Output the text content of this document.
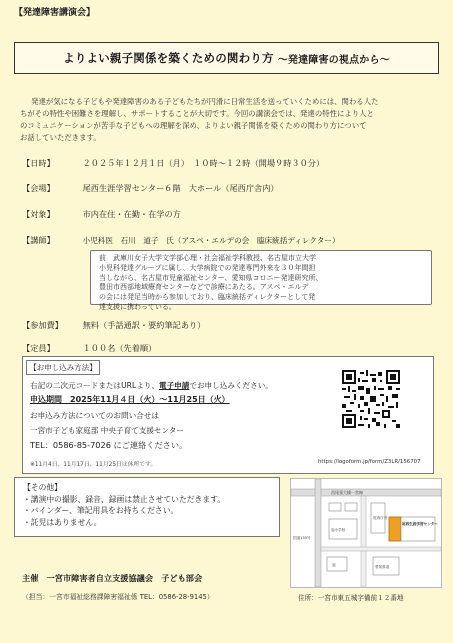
【発達障害講演会】
よりよい親子関係を築くための関わり方 ～発達障害の視点から～
発達が気になる子どもや発達障害のある子どもたちが円滑に日常生活を送っていくためには、関わる人た
ちがその特性や困難さを理解し、サポートすることが大切です。今回の講演会では、発達の特性により人と
のコミュニケーションが苦手な子どもへの理解を深め、よりよい親子関係を築くための関わり方について
お話していただきます。
【日時】	２０２５年１２月１日（月）　１０時～１２時（開場９時３０分）
【会場】	尾西生涯学習センター６階　大ホール（尾西庁舎内）
【対象】	市内在住・在勤・在学の方
【講師】	小児科医　石川　道子　氏（アスペ・エルデの会　臨床統括ディレクター）
前　武庫川女子大学文学部心理・社会福祉学科教授、名古屋市立大学
小児科発達グループに属し、大学病院での発達専門外来を３０年間担
当しながら、名古屋市児童福祉センター、愛知県コロニー発達研究所、
豊田市西部地域療育センターなどで診療にあたる。アスペ・エルデ
の会には発足当時から参加しており、臨床統括ディレクターとして発
達支援に携わっている。
【参加費】 無料（手話通訳・要約筆記あり）
【定員】	１００名（先着順）
【お申し込み方法】
右記の二次元コードまたはURLより、電子申請でお申し込みください。
申込期間　2025年11月４日（火）～11月25日（火）
お申込み方法についてのお問い合せは
一宮市子ども家庭部 中央子育て支援センター
TEL：0586-85-7026 にご連絡ください。
※11月4日、11月17日、11月25日は休所です。	https://logoform.jp/form/Z3LR/156707
【その他】
・講演中の撮影、録音、録画は禁止させていただきます。
・バインダー、筆記用具をお持ちください。
・託児はありません。
西尾張大橋一宮線
尾西生涯学習センター
起小学校
尾西庁舎
起
国道155号
愛知県道
住所：一宮市東五城字備前１２番地
主催　一宮市障害者自立支援協議会　子ども部会
（担当：一宮市福祉総務課障害福祉係 TEL：0586-28-9145）
